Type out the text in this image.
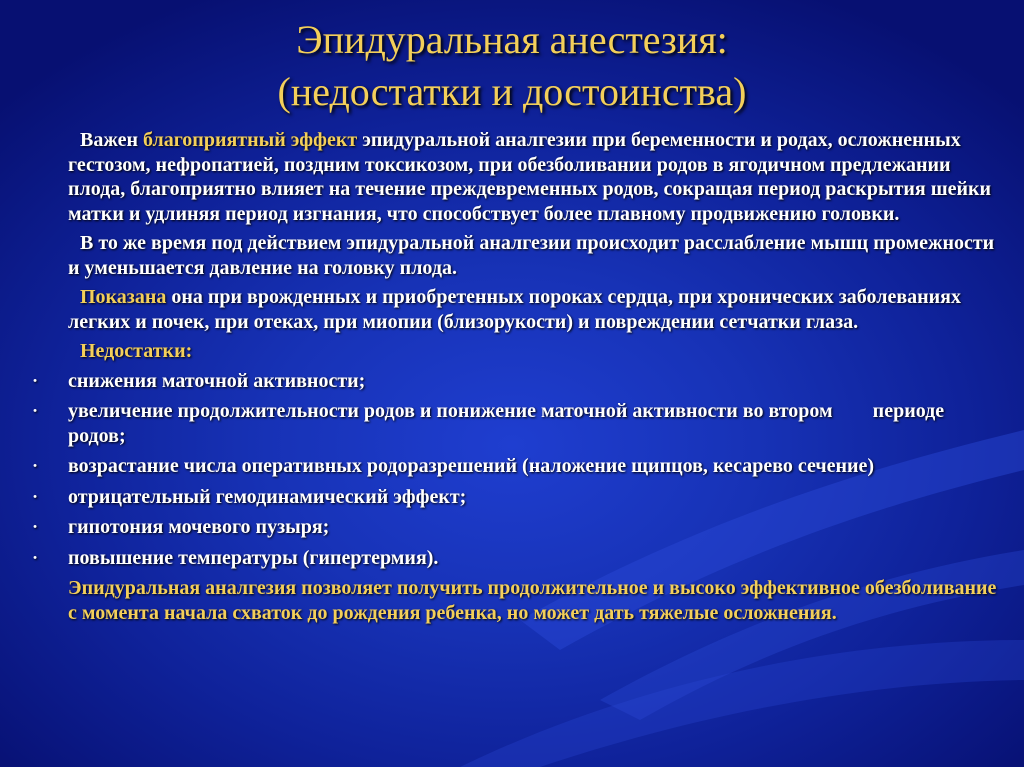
Эпидуральная анестезия:
(недостатки и достоинства)
Важен благоприятный эффект эпидуральной аналгезии при беременности и родах, осложненных гестозом, нефропатией, поздним токсикозом, при обезболивании родов в ягодичном предлежании плода, благоприятно влияет на течение преждевременных родов, сокращая период раскрытия шейки матки и удлиняя период изгнания, что способствует более плавному продвижению головки.
В то же время под действием эпидуральной аналгезии происходит расслабление мышц промежности и уменьшается давление на головку плода.
Показана она при врожденных и приобретенных пороках сердца, при хронических заболеваниях легких и почек, при отеках, при миопии (близорукости) и повреждении сетчатки глаза.
Недостатки:
• снижения маточной активности;
• увеличение продолжительности родов и понижение маточной активности во втором периоде родов;
• возрастание числа оперативных родоразрешений (наложение щипцов, кесарево сечение)
• отрицательный гемодинамический эффект;
• гипотония мочевого пузыря;
• повышение температуры (гипертермия).
Эпидуральная аналгезия позволяет получить продолжительное и высоко эффективное обезболивание с момента начала схваток до рождения ребенка, но может дать тяжелые осложнения.
